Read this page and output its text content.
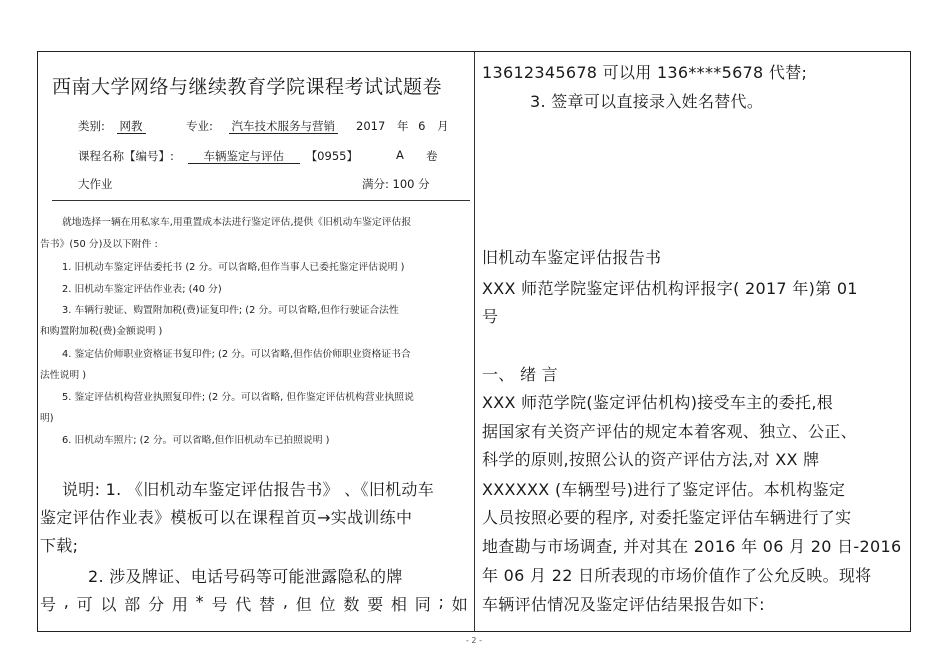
西南大学网络与继续教育学院课程考试试题卷
类别: 网教	专业: 汽车技术服务与营销 2017 年 6 月
课程名称【编号】:	车辆鉴定与评估 【0955】	A 卷
大作业	满分: 100 分
就地选择一辆在用私家车,用重置成本法进行鉴定评估,提供《旧机动车鉴定评估报
告书》(50 分)及以下附件 :
1. 旧机动车鉴定评估委托书 (2 分。可以省略,但作当事人已委托鉴定评估说明 )
2. 旧机动车鉴定评估作业表; (40 分)
3. 车辆行驶证、购置附加税(费)证复印件; (2 分。可以省略,但作行驶证合法性
和购置附加税(费)金额说明 )
4. 鉴定估价师职业资格证书复印件; (2 分。可以省略,但作估价师职业资格证书合
法性说明 )
5. 鉴定评估机构营业执照复印件; (2 分。可以省略, 但作鉴定评估机构营业执照说
明)
6. 旧机动车照片; (2 分。可以省略,但作旧机动车已拍照说明 )
说明: 1. 《旧机动车鉴定评估报告书》 、《旧机动车
鉴定评估作业表》模板可以在课程首页→实战训练中
下载;
2. 涉及牌证、电话号码等可能泄露隐私的牌
号 , 可 以 部 分 用 * 号 代 替 , 但 位 数 要 相 同 ; 如
13612345678 可以用 136****5678 代替;
3. 签章可以直接录入姓名替代。
旧机动车鉴定评估报告书
XXX 师范学院鉴定评估机构评报字( 2017 年)第 01
号
一、 绪 言
XXX 师范学院(鉴定评估机构)接受车主的委托,根
据国家有关资产评估的规定本着客观、独立、公正、
科学的原则,按照公认的资产评估方法,对 XX 牌
XXXXXX (车辆型号)进行了鉴定评估。本机构鉴定
人员按照必要的程序, 对委托鉴定评估车辆进行了实
地查勘与市场调查, 并对其在 2016 年 06 月 20 日-2016
年 06 月 22 日所表现的市场价值作了公允反映。现将
车辆评估情况及鉴定评估结果报告如下:
- 2 -
